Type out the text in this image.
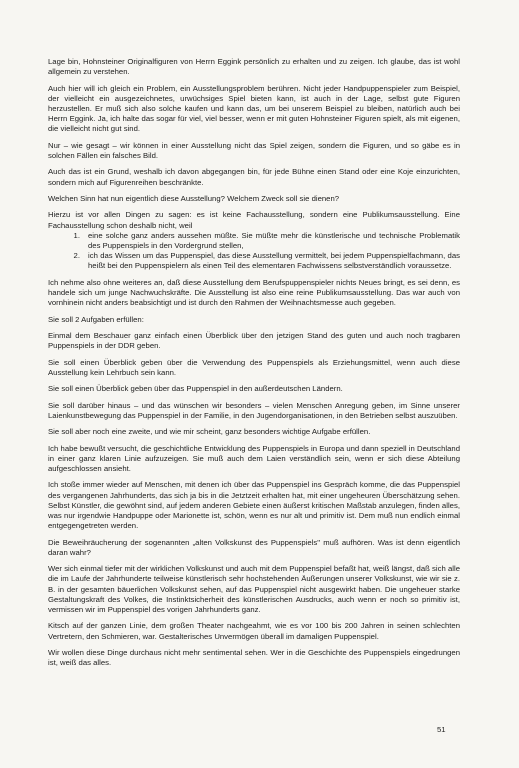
Lage bin, Hohnsteiner Originalfiguren von Herrn Eggink persönlich zu erhalten und zu zeigen. Ich glaube, das ist wohl allgemein zu verstehen.

Auch hier will ich gleich ein Problem, ein Ausstellungsproblem berühren. Nicht jeder Handpuppenspieler zum Beispiel, der vielleicht ein ausgezeichnetes, urwüchsiges Spiel bieten kann, ist auch in der Lage, selbst gute Figuren herzustellen. Er muß sich also solche kaufen und kann das, um bei unserem Beispiel zu bleiben, natürlich auch bei Herrn Eggink. Ja, ich halte das sogar für viel, viel besser, wenn er mit guten Hohnsteiner Figuren spielt, als mit eigenen, die vielleicht nicht gut sind.

Nur – wie gesagt – wir können in einer Ausstellung nicht das Spiel zeigen, sondern die Figuren, und so gäbe es in solchen Fällen ein falsches Bild.

Auch das ist ein Grund, weshalb ich davon abgegangen bin, für jede Bühne einen Stand oder eine Koje einzurichten, sondern mich auf Figurenreihen beschränkte.

Welchen Sinn hat nun eigentlich diese Ausstellung? Welchem Zweck soll sie dienen?

Hierzu ist vor allen Dingen zu sagen: es ist keine Fachausstellung, sondern eine Publikumsausstellung. Eine Fachausstellung schon deshalb nicht, weil

1.	eine solche ganz anders aussehen müßte. Sie müßte mehr die künstlerische und technische Problematik des Puppenspiels in den Vordergrund stellen,
2.	ich das Wissen um das Puppenspiel, das diese Ausstellung vermittelt, bei jedem Puppenspielfachmann, das heißt bei den Puppenspielern als einen Teil des elementaren Fachwissens selbstverständlich voraussetze.

Ich nehme also ohne weiteres an, daß diese Ausstellung dem Berufspuppenspieler nichts Neues bringt, es sei denn, es handele sich um junge Nachwuchskräfte. Die Ausstellung ist also eine reine Publikumsausstellung. Das war auch von vornhinein nicht anders beabsichtigt und ist durch den Rahmen der Weihnachtsmesse auch gegeben.

Sie soll 2 Aufgaben erfüllen:

Einmal dem Beschauer ganz einfach einen Überblick über den jetzigen Stand des guten und auch noch tragbaren Puppenspiels in der DDR geben.

Sie soll einen Überblick geben über die Verwendung des Puppenspiels als Erziehungsmittel, wenn auch diese Ausstellung kein Lehrbuch sein kann.

Sie soll einen Überblick geben über das Puppenspiel in den außerdeutschen Ländern.

Sie soll darüber hinaus – und das wünschen wir besonders – vielen Menschen Anregung geben, im Sinne unserer Laienkunstbewegung das Puppenspiel in der Familie, in den Jugendorganisationen, in den Betrieben selbst auszuüben.

Sie soll aber noch eine zweite, und wie mir scheint, ganz besonders wichtige Aufgabe erfüllen.

Ich habe bewußt versucht, die geschichtliche Entwicklung des Puppenspiels in Europa und dann speziell in Deutschland in einer ganz klaren Linie aufzuzeigen. Sie muß auch dem Laien verständlich sein, wenn er sich diese Abteilung aufgeschlossen ansieht.

Ich stoße immer wieder auf Menschen, mit denen ich über das Puppenspiel ins Gespräch komme, die das Puppenspiel des vergangenen Jahrhunderts, das sich ja bis in die Jetztzeit erhalten hat, mit einer ungeheuren Überschätzung sehen. Selbst Künstler, die gewöhnt sind, auf jedem anderen Gebiete einen äußerst kritischen Maßstab anzulegen, finden alles, was nur irgendwie Handpuppe oder Marionette ist, schön, wenn es nur alt und primitiv ist. Dem muß nun endlich einmal entgegengetreten werden.

Die Beweihräucherung der sogenannten „alten Volkskunst des Puppenspiels" muß aufhören. Was ist denn eigentlich daran wahr?

Wer sich einmal tiefer mit der wirklichen Volkskunst und auch mit dem Puppenspiel befaßt hat, weiß längst, daß sich alle die im Laufe der Jahrhunderte teilweise künstlerisch sehr hochstehenden Äußerungen unserer Volkskunst, wie wir sie z. B. in der gesamten bäuerlichen Volkskunst sehen, auf das Puppenspiel nicht ausgewirkt haben. Die ungeheuer starke Gestaltungskraft des Volkes, die Instinktsicherheit des künstlerischen Ausdrucks, auch wenn er noch so primitiv ist, vermissen wir im Puppenspiel des vorigen Jahrhunderts ganz.

Kitsch auf der ganzen Linie, dem großen Theater nachgeahmt, wie es vor 100 bis 200 Jahren in seinen schlechten Vertretern, den Schmieren, war. Gestalterisches Unvermögen überall im damaligen Puppenspiel.

Wir wollen diese Dinge durchaus nicht mehr sentimental sehen. Wer in die Geschichte des Puppenspiels eingedrungen ist, weiß das alles.

51
